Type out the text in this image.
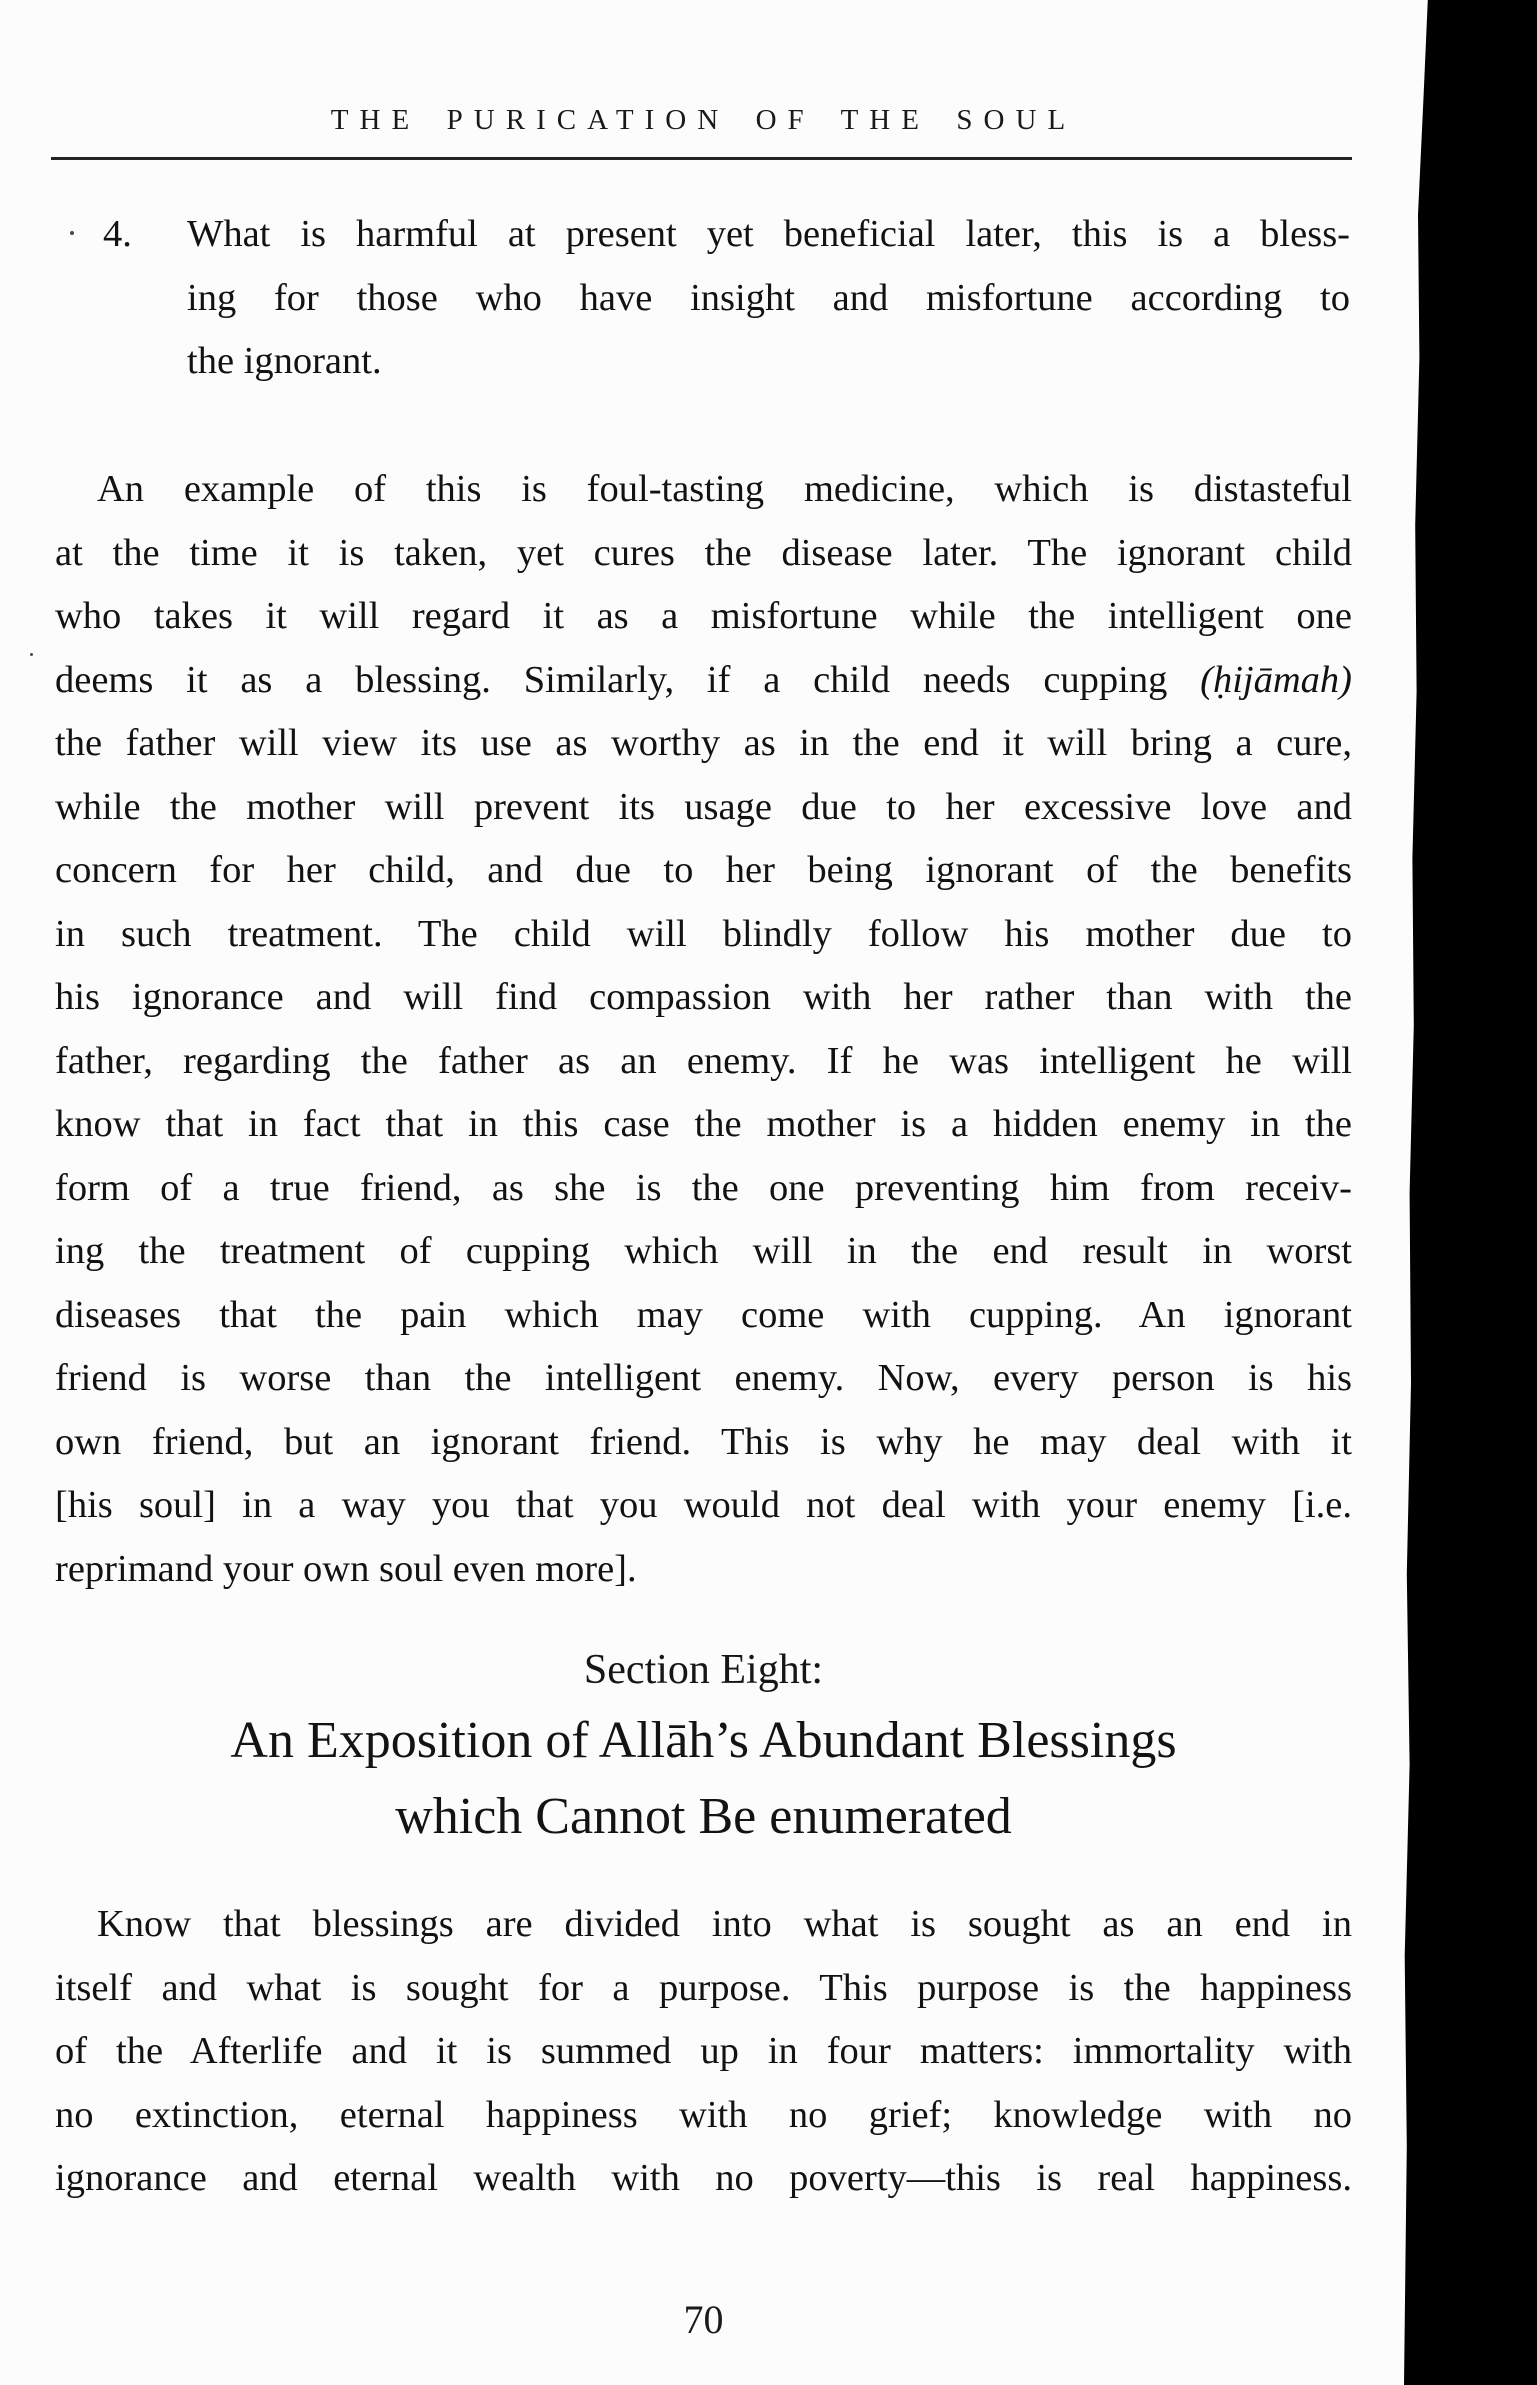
THE PURICATION OF THE SOUL
4.	What is harmful at present yet beneficial later, this is a bless-
ing for those who have insight and misfortune according to
the ignorant.
An example of this is foul-tasting medicine, which is distasteful
at the time it is taken, yet cures the disease later. The ignorant child
who takes it will regard it as a misfortune while the intelligent one
deems it as a blessing. Similarly, if a child needs cupping (ḥijāmah)
the father will view its use as worthy as in the end it will bring a cure,
while the mother will prevent its usage due to her excessive love and
concern for her child, and due to her being ignorant of the benefits
in such treatment. The child will blindly follow his mother due to
his ignorance and will find compassion with her rather than with the
father, regarding the father as an enemy. If he was intelligent he will
know that in fact that in this case the mother is a hidden enemy in the
form of a true friend, as she is the one preventing him from receiv-
ing the treatment of cupping which will in the end result in worst
diseases that the pain which may come with cupping. An ignorant
friend is worse than the intelligent enemy. Now, every person is his
own friend, but an ignorant friend. This is why he may deal with it
[his soul] in a way you that you would not deal with your enemy [i.e.
reprimand your own soul even more].
Section Eight:
An Exposition of Allāh’s Abundant Blessings
which Cannot Be enumerated
Know that blessings are divided into what is sought as an end in
itself and what is sought for a purpose. This purpose is the happiness
of the Afterlife and it is summed up in four matters: immortality with
no extinction, eternal happiness with no grief; knowledge with no
ignorance and eternal wealth with no poverty—this is real happiness.
70
